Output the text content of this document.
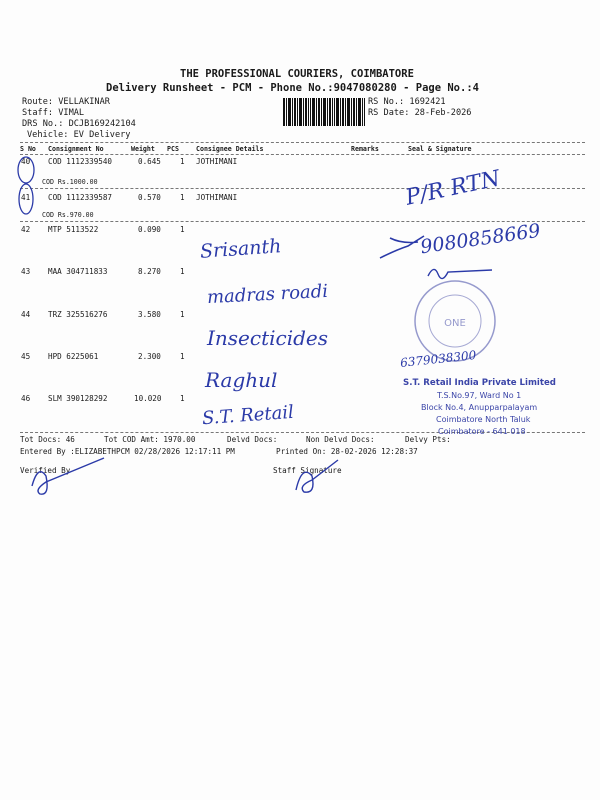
THE PROFESSIONAL COURIERS, COIMBATORE
Delivery Runsheet - PCM - Phone No.:9047080280 - Page No.:4
Route: VELLAKINAR
Staff: VIMAL
DRS No.: DCJB169242104
Vehicle: EV Delivery
RS No.: 1692421
RS Date: 28-Feb-2026
S No Consignment No	Weight PCS	Consignee Details	Remarks	Seal & Signature
40 COD 1112339540	0.645	1 JOTHIMANI
COD Rs.1000.00
41 COD 1112339587	0.570	1 JOTHIMANI
COD Rs.970.00
42 MTP 5113522	0.090	1
43 MAA 304711833	8.270	1
44 TRZ 325516276	3.580	1
45 HPD 6225061	2.300	1
46 SLM 390128292	10.020 1
Tot Docs: 46	Tot COD Amt: 1970.00	Delvd Docs:	Non Delvd Docs:	Delvy Pts:
Entered By :ELIZABETHPCM 02/28/2026 12:17:11 PM	Printed On: 28-02-2026 12:28:37
Verified By	Staff Signature
P/R RTN
9080858669
Srisanth
madras roadi
Insecticides
Raghul
S.T. Retail
ONE
6379038300
S.T. Retail India Private Limited
T.S.No.97, Ward No 1
Block No.4, Anupparpalayam
Coimbatore North Taluk
Coimbatore - 641 018
